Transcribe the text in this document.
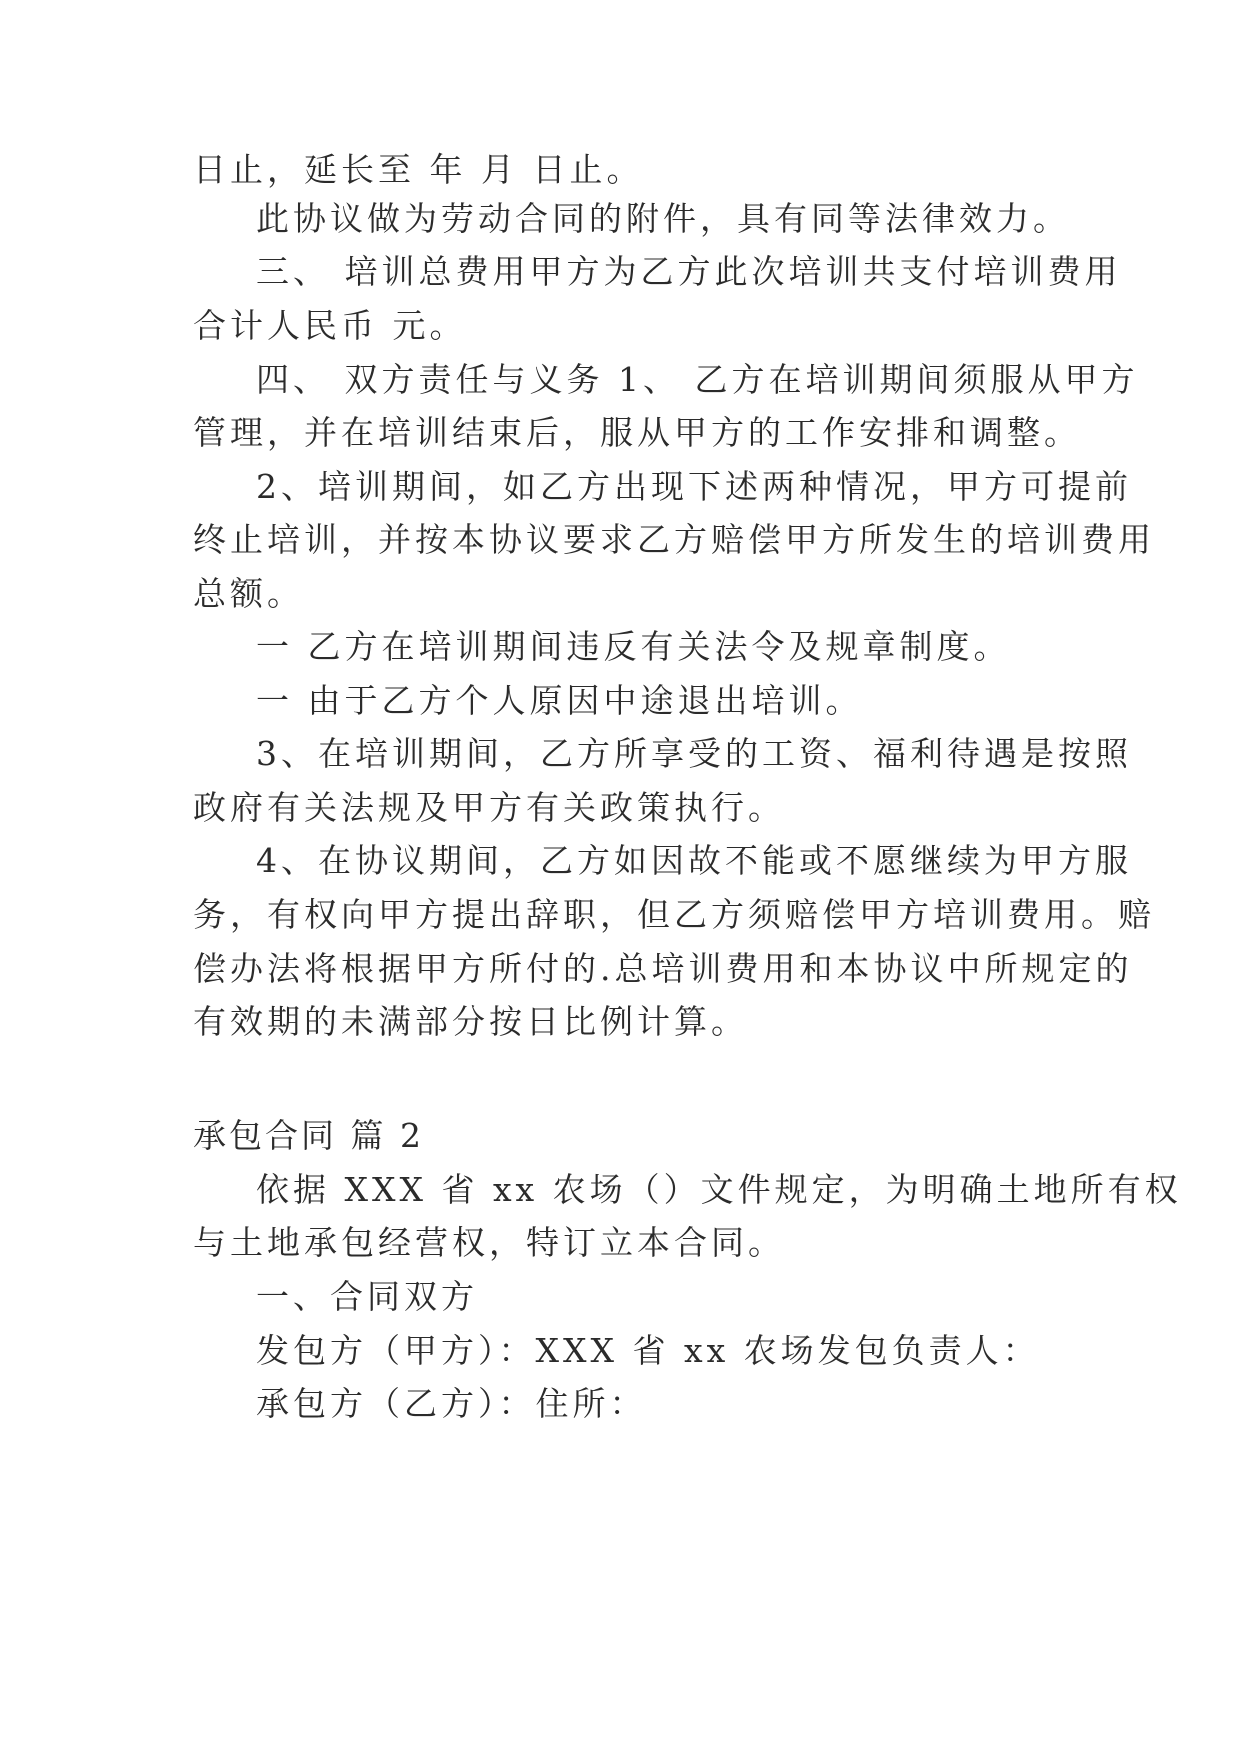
日止，延长至 年 月 日止。
此协议做为劳动合同的附件，具有同等法律效力。
三、 培训总费用甲方为乙方此次培训共支付培训费用
合计人民币 元。
四、 双方责任与义务 1、 乙方在培训期间须服从甲方
管理，并在培训结束后，服从甲方的工作安排和调整。
2、培训期间，如乙方出现下述两种情况，甲方可提前
终止培训，并按本协议要求乙方赔偿甲方所发生的培训费用
总额。
一 乙方在培训期间违反有关法令及规章制度。
一 由于乙方个人原因中途退出培训。
3、在培训期间，乙方所享受的工资、福利待遇是按照
政府有关法规及甲方有关政策执行。
4、在协议期间，乙方如因故不能或不愿继续为甲方服
务，有权向甲方提出辞职，但乙方须赔偿甲方培训费用。赔
偿办法将根据甲方所付的.总培训费用和本协议中所规定的
有效期的未满部分按日比例计算。
承包合同 篇 2
依据 XXX 省 xx 农场（）文件规定，为明确土地所有权
与土地承包经营权，特订立本合同。
一、合同双方
发包方（甲方）：XXX 省 xx 农场发包负责人：
承包方（乙方）：住所：
